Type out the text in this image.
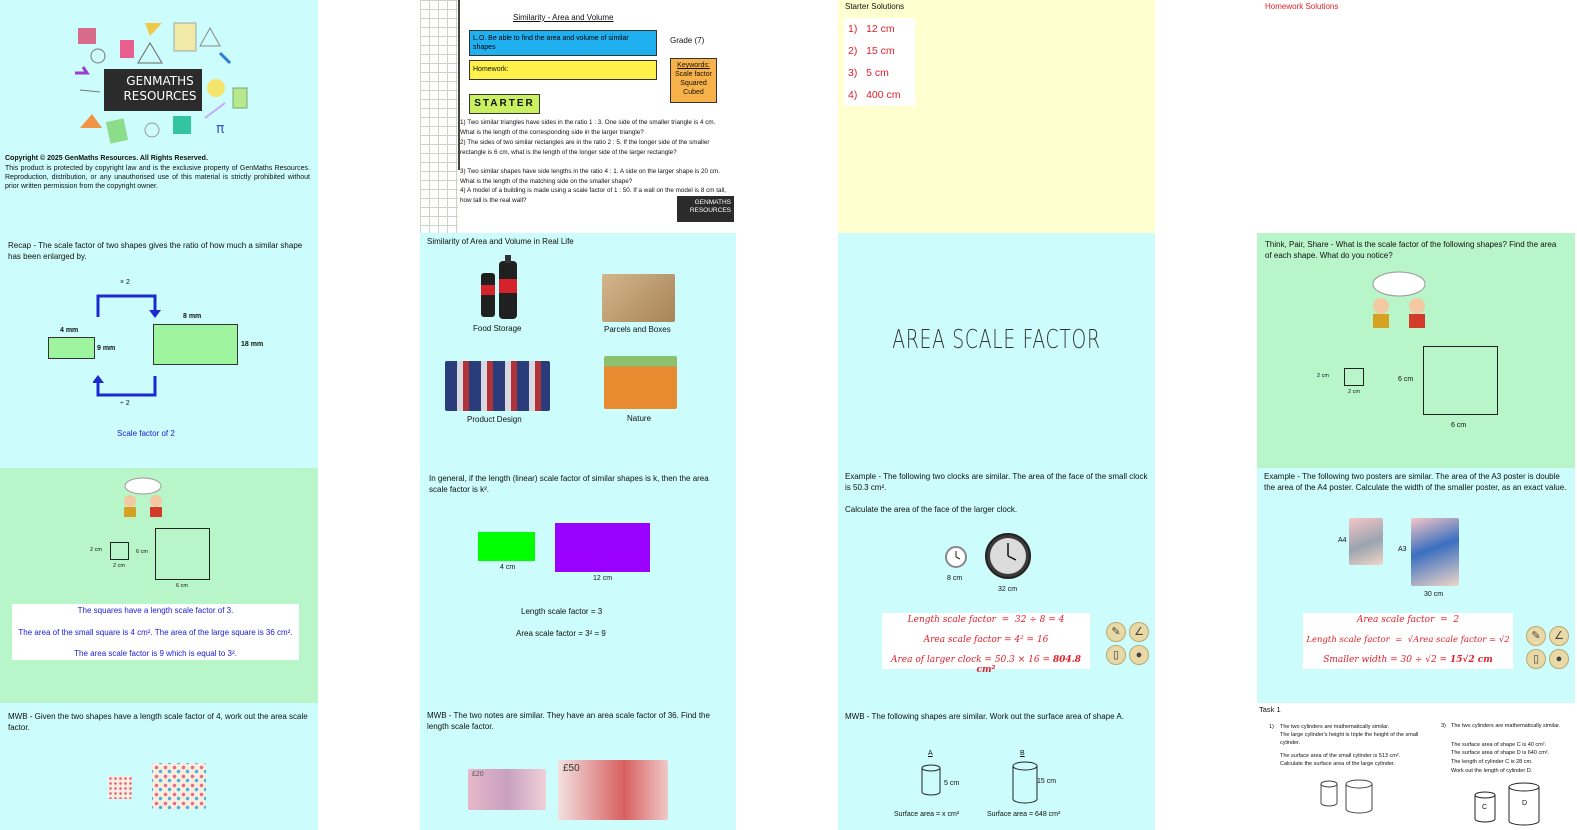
π
GENMATHS
RESOURCES
Copyright © 2025 GenMaths Resources. All Rights Reserved.
This product is protected by copyright law and is the exclusive property of GenMaths Resources. Reproduction, distribution, or any unauthorised use of this material is strictly prohibited without prior written permission from the copyright owner.
Similarity - Area and Volume
L.O. Be able to find the area and volume of similar shapes
Grade (7)
Homework:
Keywords:
Scale factor
Squared
Cubed
STARTER
1) Two similar triangles have sides in the ratio 1 : 3. One side of the smaller triangle is 4 cm. What is the length of the corresponding side in the larger triangle?
2) The sides of two similar rectangles are in the ratio 2 : 5. If the longer side of the smaller rectangle is 6 cm, what is the length of the longer side of the larger rectangle?
3) Two similar shapes have side lengths in the ratio 4 : 1. A side on the larger shape is 20 cm. What is the length of the matching side on the smaller shape?
4) A model of a building is made using a scale factor of 1 : 50. If a wall on the model is 8 cm tall, how tall is the real wall?	GENMATHS
RESOURCES
Starter Solutions
1)   12 cm
2)   15 cm
3)   5 cm
4)   400 cm
Homework Solutions
Recap - The scale factor of two shapes gives the ratio of how much a similar shape has been enlarged by.
× 2
8 mm
4 mm
9 mm
18 mm
÷ 2
Scale factor of 2
Similarity of Area and Volume in Real Life
Food Storage	Parcels and Boxes
Product Design	Nature
AREA SCALE FACTOR
Think, Pair, Share - What is the scale factor of the following shapes? Find the area of each shape. What do you notice?
2 cm
2 cm
6 cm
6 cm
2 cm
2 cm
6 cm
6 cm
The squares have a length scale factor of 3.
The area of the small square is 4 cm². The area of the large square is 36 cm².
The area scale factor is 9 which is equal to 3².
In general, if the length (linear) scale factor of similar shapes is k, then the area scale factor is k².
4 cm
12 cm
Length scale factor = 3
Area scale factor = 3² = 9
Example - The following two clocks are similar. The area of the face of the small clock is 50.3 cm².
Calculate the area of the face of the larger clock.
8 cm
32 cm
Length scale factor  =  32 ÷ 8 = 4
Area scale factor = 4² = 16
Area of larger clock = 50.3 × 16 = 804.8 cm²
✎	∠
▯	●
Example - The following two posters are similar. The area of the A3 poster is double the area of the A4 poster. Calculate the width of the smaller poster, as an exact value.
A4
A3
30 cm
Area scale factor  =  2
Length scale factor  =  √Area scale factor = √2
Smaller width = 30 ÷ √2 = 15√2 cm
✎	∠
▯	●
MWB - Given the two shapes have a length scale factor of 4, work out the area scale factor.
MWB - The two notes are similar. They have an area scale factor of 36. Find the length scale factor.
£20
£50
MWB - The following shapes are similar. Work out the surface area of shape A.
A
5 cm
B
15 cm
Surface area = x cm²	Surface area = 648 cm²
Task 1
1) The two cylinders are mathematically similar.
The large cylinder's height is triple the height of the small cylinder.
The surface area of the small cylinder is 513 cm².
Calculate the surface area of the large cylinder.
3) The two cylinders are mathematically similar.
The surface area of shape C is 40 cm².
The surface area of shape D is 640 cm².
The length of cylinder C is 28 cm.
Work out the length of cylinder D.
C
D
